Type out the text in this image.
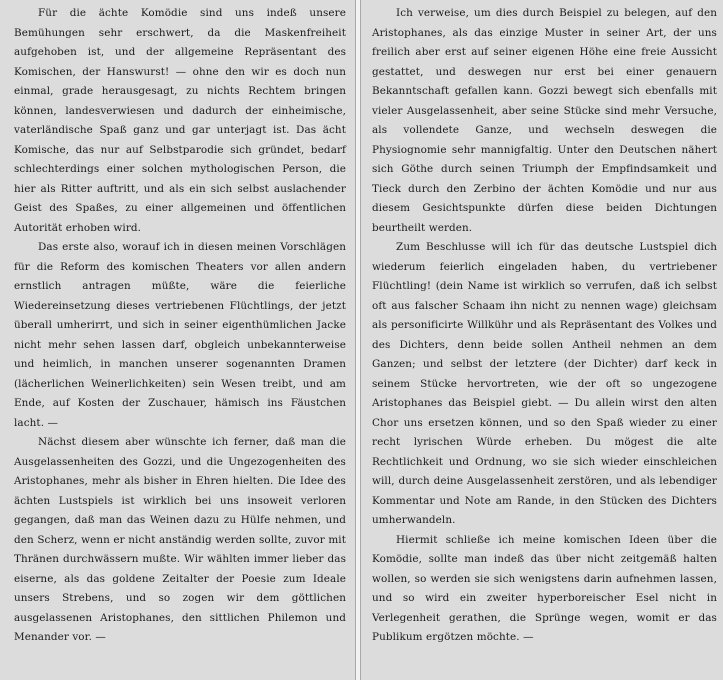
Für die ächte Komödie sind uns indeß unsere Bemühungen sehr erschwert, da die Maskenfreiheit aufgehoben ist, und der allgemeine Repräsentant des Komischen, der Hanswurst! — ohne den wir es doch nun einmal, grade herausgesagt, zu nichts Rechtem bringen können, landesverwiesen und dadurch der einheimische, vaterländische Spaß ganz und gar unterjagt ist. Das ächt Komische, das nur auf Selbstparodie sich gründet, bedarf schlechterdings einer solchen mythologischen Person, die hier als Ritter auftritt, und als ein sich selbst auslachender Geist des Spaßes, zu einer allgemeinen und öffentlichen Autorität erhoben wird.

Das erste also, worauf ich in diesen meinen Vorschlägen für die Reform des komischen Theaters vor allen andern ernstlich antragen müßte, wäre die feierliche Wiedereinsetzung dieses vertriebenen Flüchtlings, der jetzt überall umherirrt, und sich in seiner eigenthümlichen Jacke nicht mehr sehen lassen darf, obgleich unbekannterweise und heimlich, in manchen unserer sogenannten Dramen (lächerlichen Weinerlichkeiten) sein Wesen treibt, und am Ende, auf Kosten der Zuschauer, hämisch ins Fäustchen lacht. —

Nächst diesem aber wünschte ich ferner, daß man die Ausgelassenheiten des Gozzi, und die Ungezogenheiten des Aristophanes, mehr als bisher in Ehren hielten. Die Idee des ächten Lustspiels ist wirklich bei uns insoweit verloren gegangen, daß man das Weinen dazu zu Hülfe nehmen, und den Scherz, wenn er nicht anständig werden sollte, zuvor mit Thränen durchwässern mußte. Wir wählten immer lieber das eiserne, als das goldene Zeitalter der Poesie zum Ideale unsers Strebens, und so zogen wir dem göttlichen ausgelassenen Aristophanes, den sittlichen Philemon und Menander vor. —

Ich verweise, um dies durch Beispiel zu belegen, auf den Aristophanes, als das einzige Muster in seiner Art, der uns freilich aber erst auf seiner eigenen Höhe eine freie Aussicht gestattet, und deswegen nur erst bei einer genauern Bekanntschaft gefallen kann. Gozzi bewegt sich ebenfalls mit vieler Ausgelassenheit, aber seine Stücke sind mehr Versuche, als vollendete Ganze, und wechseln deswegen die Physiognomie sehr mannigfaltig. Unter den Deutschen nähert sich Göthe durch seinen Triumph der Empfindsamkeit und Tieck durch den Zerbino der ächten Komödie und nur aus diesem Gesichtspunkte dürfen diese beiden Dichtungen beurtheilt werden.

Zum Beschlusse will ich für das deutsche Lustspiel dich wiederum feierlich eingeladen haben, du vertriebener Flüchtling! (dein Name ist wirklich so verrufen, daß ich selbst oft aus falscher Schaam ihn nicht zu nennen wage) gleichsam als personificirte Willkühr und als Repräsentant des Volkes und des Dichters, denn beide sollen Antheil nehmen an dem Ganzen; und selbst der letztere (der Dichter) darf keck in seinem Stücke hervortreten, wie der oft so ungezogene Aristophanes das Beispiel giebt. — Du allein wirst den alten Chor uns ersetzen können, und so den Spaß wieder zu einer recht lyrischen Würde erheben. Du mögest die alte Rechtlichkeit und Ordnung, wo sie sich wieder einschleichen will, durch deine Ausgelassenheit zerstören, und als lebendiger Kommentar und Note am Rande, in den Stücken des Dichters umherwandeln.

Hiermit schließe ich meine komischen Ideen über die Komödie, sollte man indeß das über nicht zeitgemäß halten wollen, so werden sie sich wenigstens darin aufnehmen lassen, und so wird ein zweiter hyperboreischer Esel nicht in Verlegenheit gerathen, die Sprünge wegen, womit er das Publikum ergötzen möchte. —
